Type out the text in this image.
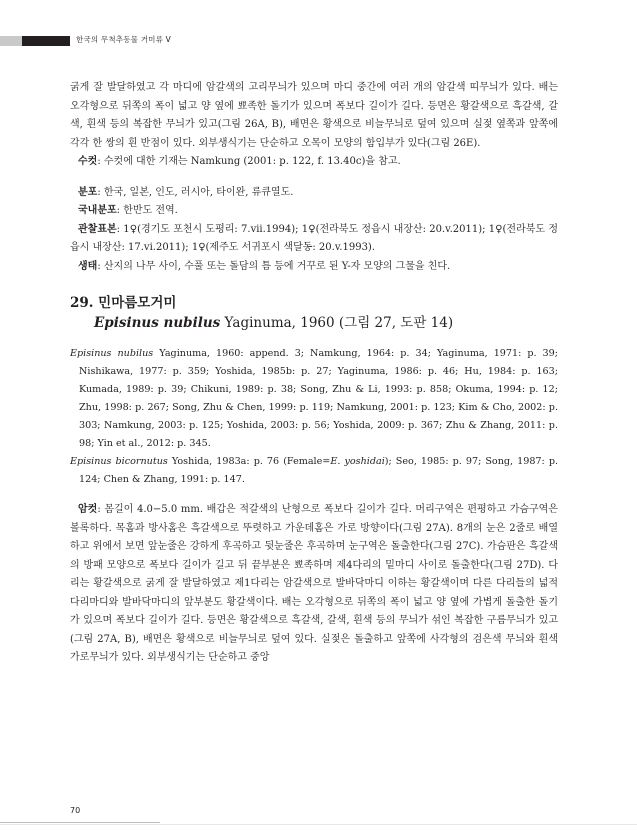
한국의 무척추동물 거미류 V

굵게 잘 발달하였고 각 마디에 암갈색의 고리무늬가 있으며 마디 중간에 여러 개의 암갈색 띠무늬가 있다. 배는 오각형으로 뒤쪽의 폭이 넓고 양 옆에 뾰족한 돌기가 있으며 폭보다 길이가 길다. 등면은 황갈색으로 흑갈색, 갈색, 흰색 등의 복잡한 무늬가 있고(그림 26A, B), 배면은 황색으로 비늘무늬로 덮여 있으며 실젖 옆쪽과 앞쪽에 각각 한 쌍의 흰 반점이 있다. 외부생식기는 단순하고 오목이 모양의 함입부가 있다(그림 26E).

수컷: 수컷에 대한 기재는 Namkung (2001: p. 122, f. 13.40c)을 참고.

분포: 한국, 일본, 인도, 러시아, 타이완, 류큐열도.

국내분포: 한반도 전역.

관찰표본: 1♀(경기도 포천시 도평리: 7.vii.1994); 1♀(전라북도 정읍시 내장산: 20.v.2011); 1♀(전라북도 정읍시 내장산: 17.vi.2011); 1♀(제주도 서귀포시 색달동: 20.v.1993).

생태: 산지의 나무 사이, 수풀 또는 돌담의 틈 등에 거꾸로 된 Y-자 모양의 그물을 친다.

29. 민마름모거미
Episinus nubilus Yaginuma, 1960 (그림 27, 도판 14)

Episinus nubilus Yaginuma, 1960: append. 3; Namkung, 1964: p. 34; Yaginuma, 1971: p. 39; Nishikawa, 1977: p. 359; Yoshida, 1985b: p. 27; Yaginuma, 1986: p. 46; Hu, 1984: p. 163; Kumada, 1989: p. 39; Chikuni, 1989: p. 38; Song, Zhu & Li, 1993: p. 858; Okuma, 1994: p. 12; Zhu, 1998: p. 267; Song, Zhu & Chen, 1999: p. 119; Namkung, 2001: p. 123; Kim & Cho, 2002: p. 303; Namkung, 2003: p. 125; Yoshida, 2003: p. 56; Yoshida, 2009: p. 367; Zhu & Zhang, 2011: p. 98; Yin et al., 2012: p. 345.

Episinus bicornutus Yoshida, 1983a: p. 76 (Female=E. yoshidai); Seo, 1985: p. 97; Song, 1987: p. 124; Chen & Zhang, 1991: p. 147.

암컷: 몸길이 4.0−5.0 mm. 배갑은 적갈색의 난형으로 폭보다 길이가 길다. 머리구역은 편평하고 가슴구역은 볼록하다. 목홈과 방사홈은 흑갈색으로 뚜렷하고 가운데홈은 가로 방향이다(그림 27A). 8개의 눈은 2줄로 배열하고 위에서 보면 앞눈줄은 강하게 후곡하고 뒷눈줄은 후곡하며 눈구역은 돌출한다(그림 27C). 가슴판은 흑갈색의 방패 모양으로 폭보다 길이가 길고 뒤 끝부분은 뾰족하며 제4다리의 밑마디 사이로 돌출한다(그림 27D). 다리는 황갈색으로 굵게 잘 발달하였고 제1다리는 암갈색으로 발바닥마디 이하는 황갈색이며 다른 다리들의 넓적다리마디와 발바닥마디의 앞부분도 황갈색이다. 배는 오각형으로 뒤쪽의 폭이 넓고 양 옆에 가볍게 돌출한 돌기가 있으며 폭보다 길이가 길다. 등면은 황갈색으로 흑갈색, 갈색, 흰색 등의 무늬가 섞인 복잡한 구름무늬가 있고(그림 27A, B), 배면은 황색으로 비늘무늬로 덮여 있다. 실젖은 돌출하고 앞쪽에 사각형의 검은색 무늬와 흰색 가로무늬가 있다. 외부생식기는 단순하고 중앙

70
